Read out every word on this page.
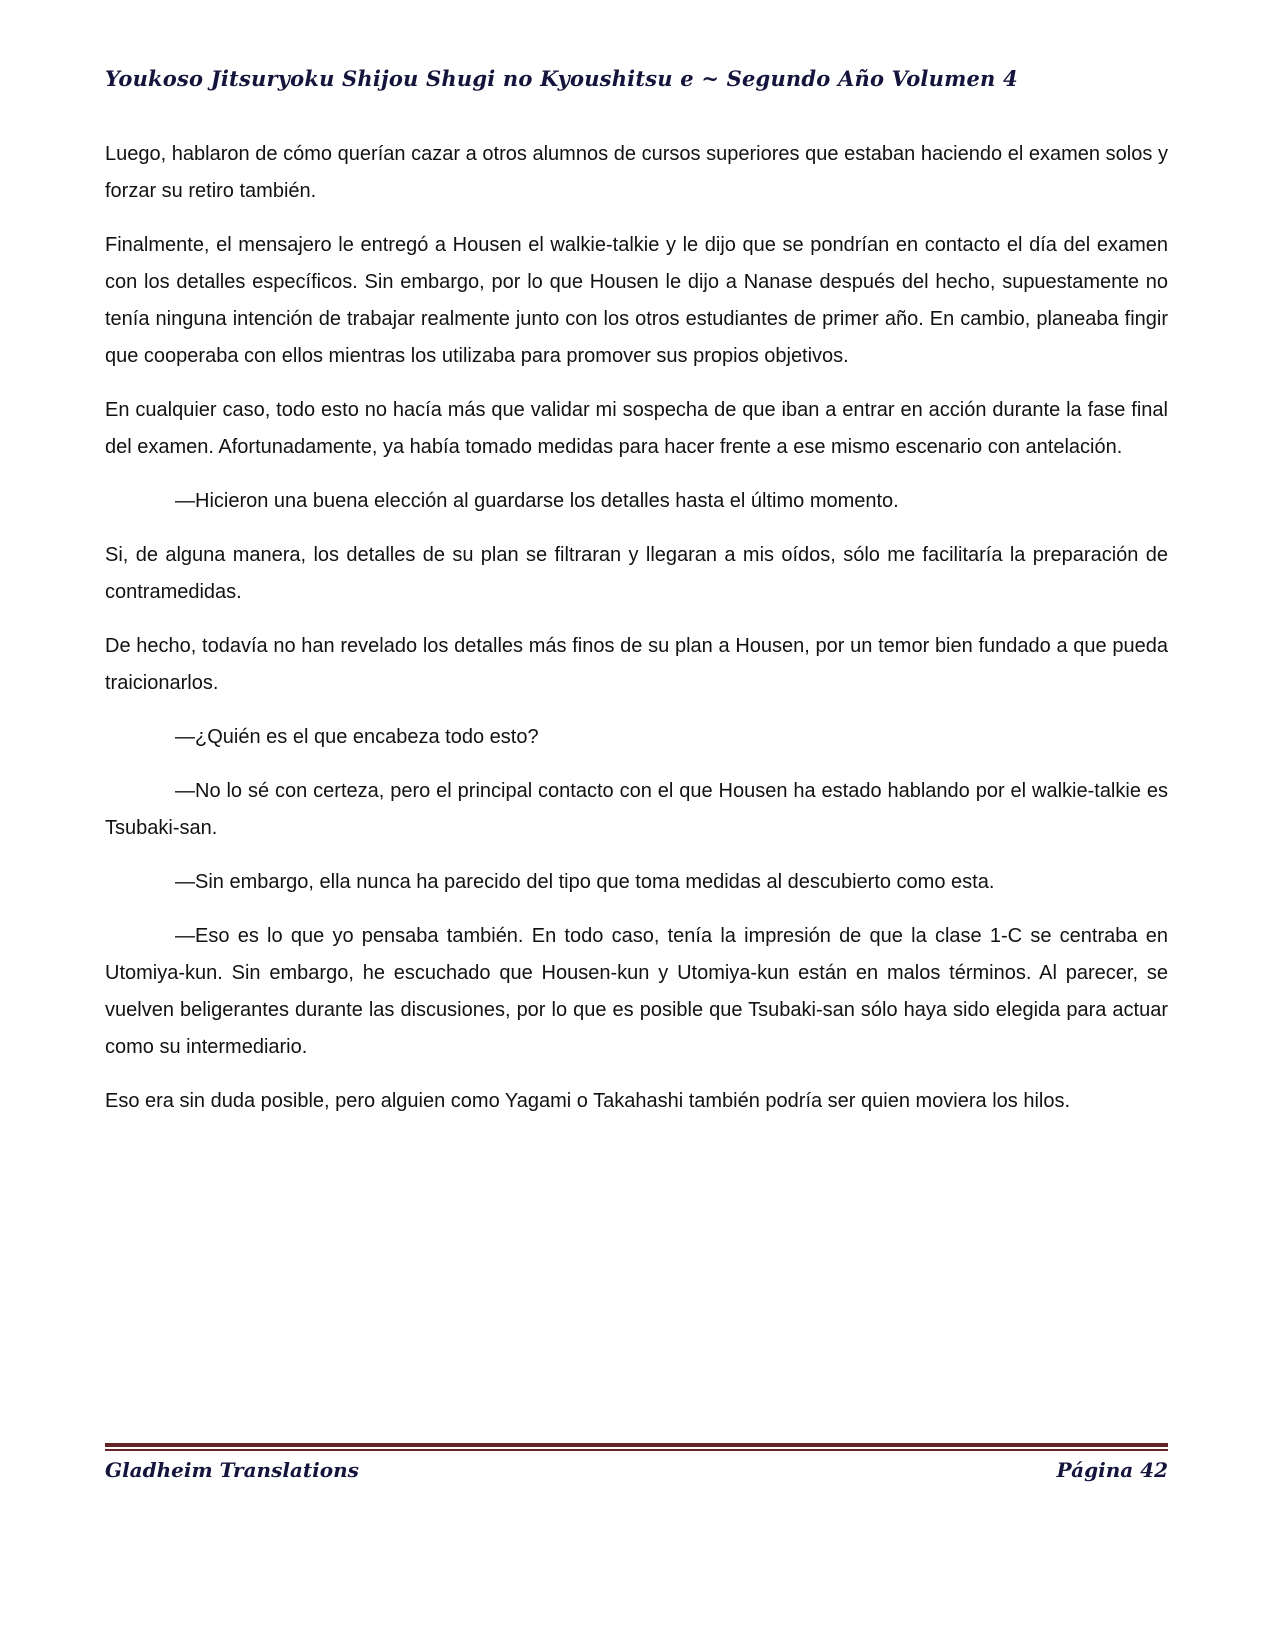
Youkoso Jitsuryoku Shijou Shugi no Kyoushitsu e ~ Segundo Año Volumen 4

Luego, hablaron de cómo querían cazar a otros alumnos de cursos superiores que estaban haciendo el examen solos y forzar su retiro también.

Finalmente, el mensajero le entregó a Housen el walkie-talkie y le dijo que se pondrían en contacto el día del examen con los detalles específicos. Sin embargo, por lo que Housen le dijo a Nanase después del hecho, supuestamente no tenía ninguna intención de trabajar realmente junto con los otros estudiantes de primer año. En cambio, planeaba fingir que cooperaba con ellos mientras los utilizaba para promover sus propios objetivos.

En cualquier caso, todo esto no hacía más que validar mi sospecha de que iban a entrar en acción durante la fase final del examen. Afortunadamente, ya había tomado medidas para hacer frente a ese mismo escenario con antelación.

—Hicieron una buena elección al guardarse los detalles hasta el último momento.

Si, de alguna manera, los detalles de su plan se filtraran y llegaran a mis oídos, sólo me facilitaría la preparación de contramedidas.

De hecho, todavía no han revelado los detalles más finos de su plan a Housen, por un temor bien fundado a que pueda traicionarlos.

—¿Quién es el que encabeza todo esto?

—No lo sé con certeza, pero el principal contacto con el que Housen ha estado hablando por el walkie-talkie es Tsubaki-san.

—Sin embargo, ella nunca ha parecido del tipo que toma medidas al descubierto como esta.

—Eso es lo que yo pensaba también. En todo caso, tenía la impresión de que la clase 1-C se centraba en Utomiya-kun. Sin embargo, he escuchado que Housen-kun y Utomiya-kun están en malos términos. Al parecer, se vuelven beligerantes durante las discusiones, por lo que es posible que Tsubaki-san sólo haya sido elegida para actuar como su intermediario.

Eso era sin duda posible, pero alguien como Yagami o Takahashi también podría ser quien moviera los hilos.

Gladheim Translations	Página 42
